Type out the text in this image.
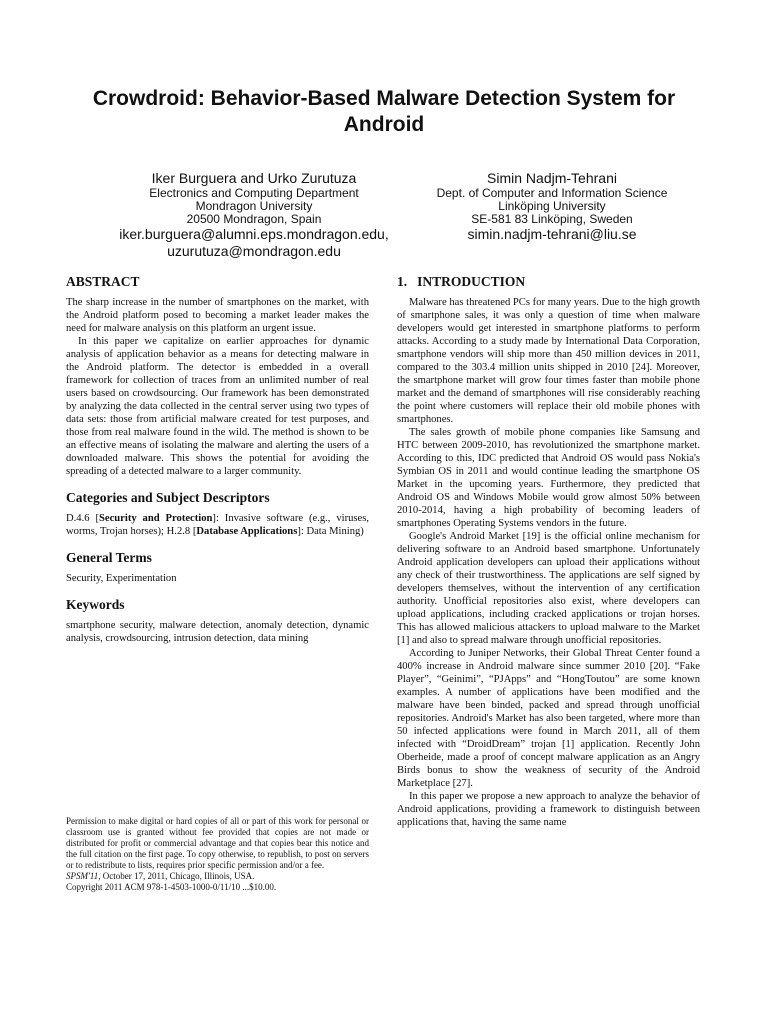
Crowdroid: Behavior-Based Malware Detection System for Android
Iker Burguera and Urko Zurutuza
Electronics and Computing Department
Mondragon University
20500 Mondragon, Spain
iker.burguera@alumni.eps.mondragon.edu,
uzurutuza@mondragon.edu
Simin Nadjm-Tehrani
Dept. of Computer and Information Science
Linköping University
SE-581 83 Linköping, Sweden
simin.nadjm-tehrani@liu.se
ABSTRACT

The sharp increase in the number of smartphones on the market, with the Android platform posed to becoming a market leader makes the need for malware analysis on this platform an urgent issue.

In this paper we capitalize on earlier approaches for dynamic analysis of application behavior as a means for detecting malware in the Android platform. The detector is embedded in a overall framework for collection of traces from an unlimited number of real users based on crowdsourcing. Our framework has been demonstrated by analyzing the data collected in the central server using two types of data sets: those from artificial malware created for test purposes, and those from real malware found in the wild. The method is shown to be an effective means of isolating the malware and alerting the users of a downloaded malware. This shows the potential for avoiding the spreading of a detected malware to a larger community.

Categories and Subject Descriptors

D.4.6 [Security and Protection]: Invasive software (e.g., viruses, worms, Trojan horses); H.2.8 [Database Applications]: Data Mining)

General Terms

Security, Experimentation

Keywords

smartphone security, malware detection, anomaly detection, dynamic analysis, crowdsourcing, intrusion detection, data mining

Permission to make digital or hard copies of all or part of this work for personal or classroom use is granted without fee provided that copies are not made or distributed for profit or commercial advantage and that copies bear this notice and the full citation on the first page. To copy otherwise, to republish, to post on servers or to redistribute to lists, requires prior specific permission and/or a fee.

SPSM'11, October 17, 2011, Chicago, Illinois, USA.

Copyright 2011 ACM 978-1-4503-1000-0/11/10 ...$10.00.

1. INTRODUCTION

Malware has threatened PCs for many years. Due to the high growth of smartphone sales, it was only a question of time when malware developers would get interested in smartphone platforms to perform attacks. According to a study made by International Data Corporation, smartphone vendors will ship more than 450 million devices in 2011, compared to the 303.4 million units shipped in 2010 [24]. Moreover, the smartphone market will grow four times faster than mobile phone market and the demand of smartphones will rise considerably reaching the point where customers will replace their old mobile phones with smartphones.

The sales growth of mobile phone companies like Samsung and HTC between 2009-2010, has revolutionized the smartphone market. According to this, IDC predicted that Android OS would pass Nokia's Symbian OS in 2011 and would continue leading the smartphone OS Market in the upcoming years. Furthermore, they predicted that Android OS and Windows Mobile would grow almost 50% between 2010-2014, having a high probability of becoming leaders of smartphones Operating Systems vendors in the future.

Google's Android Market [19] is the official online mechanism for delivering software to an Android based smartphone. Unfortunately Android application developers can upload their applications without any check of their trustworthiness. The applications are self signed by developers themselves, without the intervention of any certification authority. Unofficial repositories also exist, where developers can upload applications, including cracked applications or trojan horses. This has allowed malicious attackers to upload malware to the Market [1] and also to spread malware through unofficial repositories.

According to Juniper Networks, their Global Threat Center found a 400% increase in Android malware since summer 2010 [20]. “Fake Player”, “Geinimi”, “PJApps” and “HongToutou” are some known examples. A number of applications have been modified and the malware have been binded, packed and spread through unofficial repositories. Android's Market has also been targeted, where more than 50 infected applications were found in March 2011, all of them infected with “DroidDream” trojan [1] application. Recently John Oberheide, made a proof of concept malware application as an Angry Birds bonus to show the weakness of security of the Android Marketplace [27].

In this paper we propose a new approach to analyze the behavior of Android applications, providing a framework to distinguish between applications that, having the same name
